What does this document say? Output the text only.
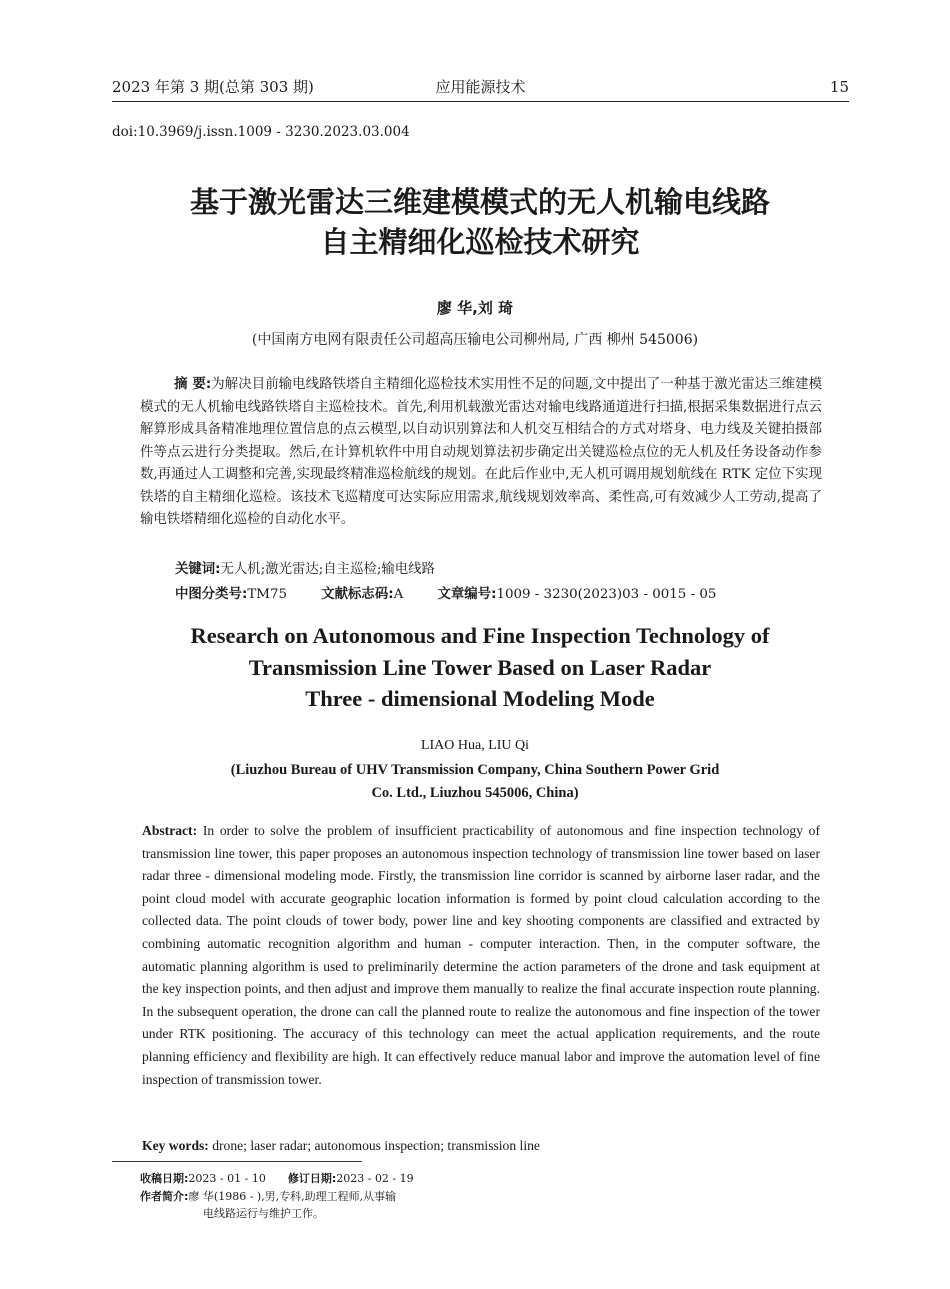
2023 年第 3 期(总第 303 期)	应用能源技术	15
doi:10.3969/j.issn.1009 - 3230.2023.03.004
基于激光雷达三维建模模式的无人机输电线路
自主精细化巡检技术研究
廖 华,刘 琦
(中国南方电网有限责任公司超高压输电公司柳州局, 广西 柳州 545006)

摘 要:为解决目前输电线路铁塔自主精细化巡检技术实用性不足的问题,文中提出了一种基于激光雷达三维建模模式的无人机输电线路铁塔自主巡检技术。首先,利用机载激光雷达对输电线路通道进行扫描,根据采集数据进行点云解算形成具备精准地理位置信息的点云模型,以自动识别算法和人机交互相结合的方式对塔身、电力线及关键拍摄部件等点云进行分类提取。然后,在计算机软件中用自动规划算法初步确定出关键巡检点位的无人机及任务设备动作参数,再通过人工调整和完善,实现最终精准巡检航线的规划。在此后作业中,无人机可调用规划航线在 RTK 定位下实现铁塔的自主精细化巡检。该技术飞巡精度可达实际应用需求,航线规划效率高、柔性高,可有效减少人工劳动,提高了输电铁塔精细化巡检的自动化水平。

关键词:无人机;激光雷达;自主巡检;输电线路
中图分类号:TM75	文献标志码:A	文章编号:1009 - 3230(2023)03 - 0015 - 05
Research on Autonomous and Fine Inspection Technology of
Transmission Line Tower Based on Laser Radar
Three - dimensional Modeling Mode
LIAO Hua, LIU Qi
(Liuzhou Bureau of UHV Transmission Company, China Southern Power Grid
Co. Ltd., Liuzhou 545006, China)

Abstract: In order to solve the problem of insufficient practicability of autonomous and fine inspection technology of transmission line tower, this paper proposes an autonomous inspection technology of transmission line tower based on laser radar three - dimensional modeling mode. Firstly, the transmission line corridor is scanned by airborne laser radar, and the point cloud model with accurate geographic location information is formed by point cloud calculation according to the collected data. The point clouds of tower body, power line and key shooting components are classified and extracted by combining automatic recognition algorithm and human - computer interaction. Then, in the computer software, the automatic planning algorithm is used to preliminarily determine the action parameters of the drone and task equipment at the key inspection points, and then adjust and improve them manually to realize the final accurate inspection route planning. In the subsequent operation, the drone can call the planned route to realize the autonomous and fine inspection of the tower under RTK positioning. The accuracy of this technology can meet the actual application requirements, and the route planning efficiency and flexibility are high. It can effectively reduce manual labor and improve the automation level of fine inspection of transmission tower.

Key words: drone; laser radar; autonomous inspection; transmission line
收稿日期:2023 - 01 - 10 修订日期:2023 - 02 - 19
作者简介:廖 华(1986 - ),男,专科,助理工程师,从事输
电线路运行与维护工作。
